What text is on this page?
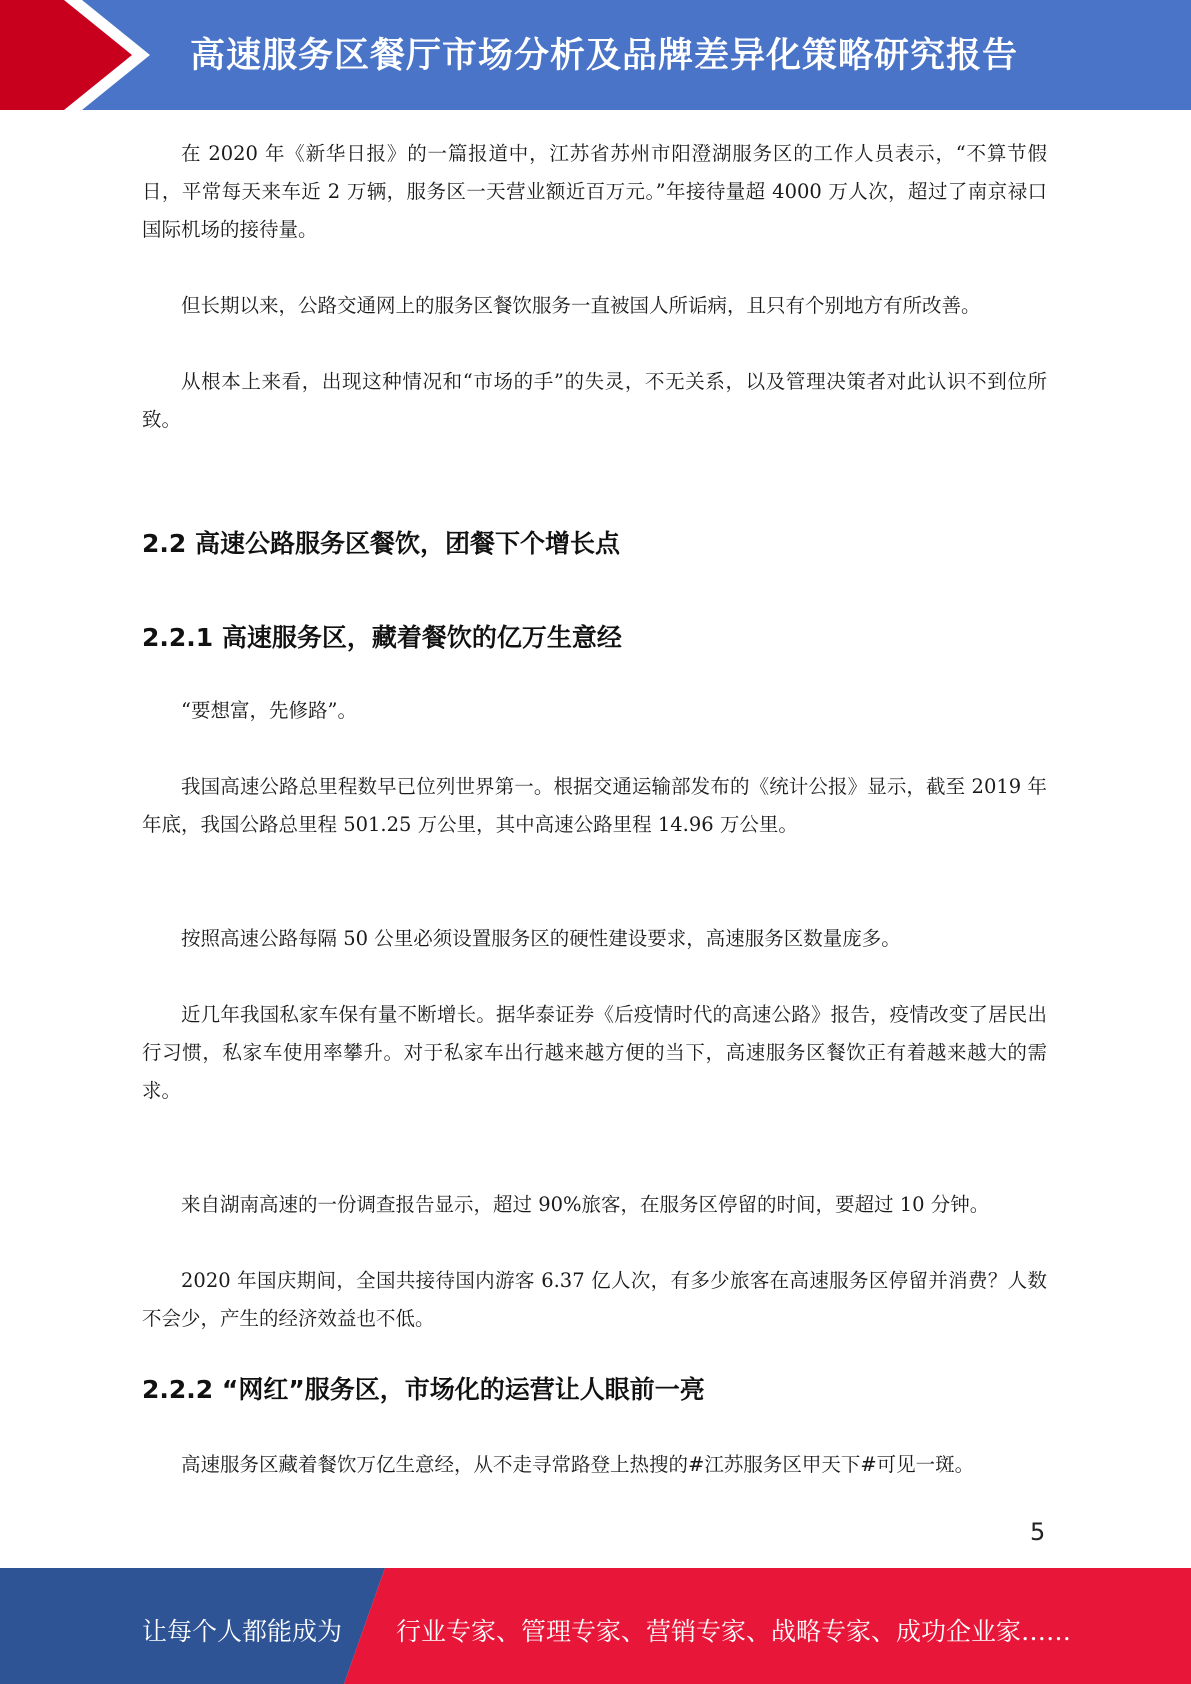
高速服务区餐厅市场分析及品牌差异化策略研究报告

在 2020 年《新华日报》的一篇报道中，江苏省苏州市阳澄湖服务区的工作人员表示，“不算节假日，平常每天来车近 2 万辆，服务区一天营业额近百万元。”年接待量超 4000 万人次，超过了南京禄口国际机场的接待量。

但长期以来，公路交通网上的服务区餐饮服务一直被国人所诟病，且只有个别地方有所改善。

从根本上来看，出现这种情况和“市场的手”的失灵，不无关系，以及管理决策者对此认识不到位所致。

2.2 高速公路服务区餐饮，团餐下个增长点
2.2.1 高速服务区，藏着餐饮的亿万生意经

“要想富，先修路”。

我国高速公路总里程数早已位列世界第一。根据交通运输部发布的《统计公报》显示，截至 2019 年年底，我国公路总里程 501.25 万公里，其中高速公路里程 14.96 万公里。

按照高速公路每隔 50 公里必须设置服务区的硬性建设要求，高速服务区数量庞多。

近几年我国私家车保有量不断增长。据华泰证券《后疫情时代的高速公路》报告，疫情改变了居民出行习惯，私家车使用率攀升。对于私家车出行越来越方便的当下，高速服务区餐饮正有着越来越大的需求。

来自湖南高速的一份调查报告显示，超过 90%旅客，在服务区停留的时间，要超过 10 分钟。

2020 年国庆期间，全国共接待国内游客 6.37 亿人次，有多少旅客在高速服务区停留并消费？人数不会少，产生的经济效益也不低。

2.2.2 “网红”服务区，市场化的运营让人眼前一亮

高速服务区藏着餐饮万亿生意经，从不走寻常路登上热搜的#江苏服务区甲天下#可见一斑。

5
让每个人都能成为 行业专家、管理专家、营销专家、战略专家、成功企业家……
